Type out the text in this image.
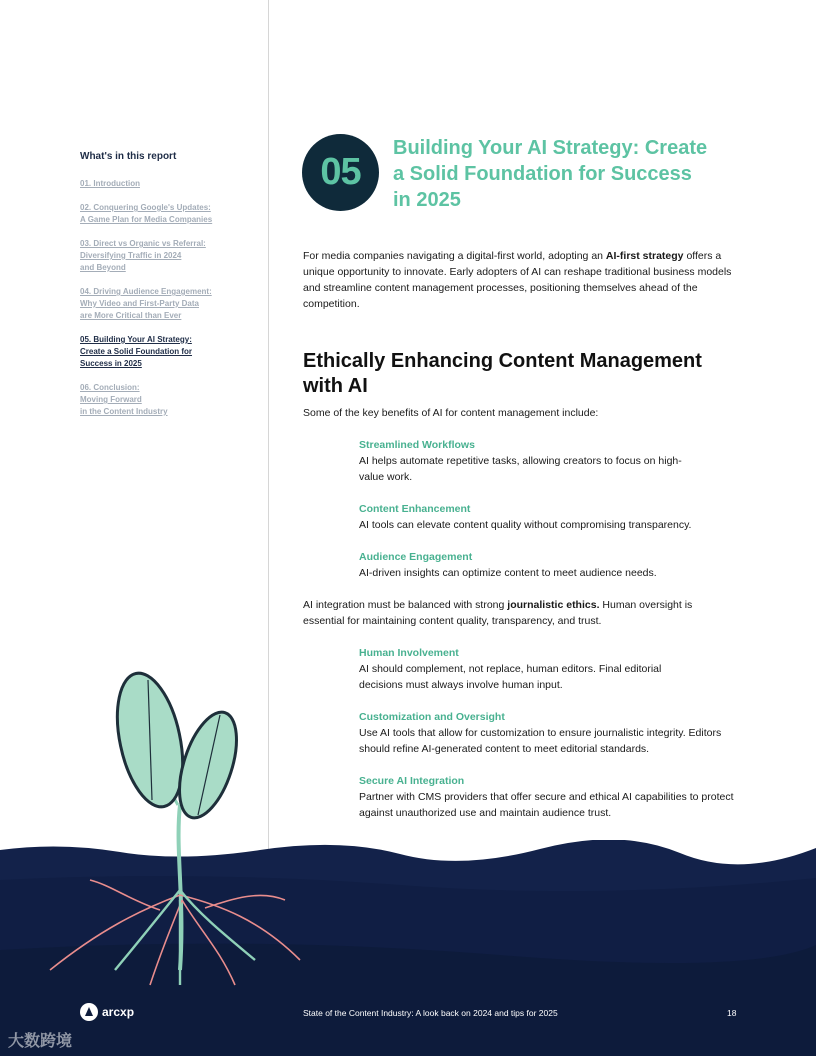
What's in this report
01. Introduction
02. Conquering Google's Updates:
A Game Plan for Media Companies
03. Direct vs Organic vs Referral:
Diversifying Traffic in 2024
and Beyond
04. Driving Audience Engagement:
Why Video and First-Party Data
are More Critical than Ever
05. Building Your AI Strategy:
Create a Solid Foundation for
Success in 2025
06. Conclusion:
Moving Forward
in the Content Industry
05
Building Your AI Strategy: Create a Solid Foundation for Success in 2025

For media companies navigating a digital-first world, adopting an AI-first strategy offers a unique opportunity to innovate. Early adopters of AI can reshape traditional business models and streamline content management processes, positioning themselves ahead of the competition.

Ethically Enhancing Content Management with AI

Some of the key benefits of AI for content management include:

Streamlined Workflows
AI helps automate repetitive tasks, allowing creators to focus on high-value work.
Content Enhancement
AI tools can elevate content quality without compromising transparency.
Audience Engagement
AI-driven insights can optimize content to meet audience needs.

AI integration must be balanced with strong journalistic ethics. Human oversight is essential for maintaining content quality, transparency, and trust.

Human Involvement
AI should complement, not replace, human editors. Final editorial decisions must always involve human input.
Customization and Oversight
Use AI tools that allow for customization to ensure journalistic integrity. Editors should refine AI-generated content to meet editorial standards.
Secure AI Integration
Partner with CMS providers that offer secure and ethical AI capabilities to protect against unauthorized use and maintain audience trust.
arcxp	State of the Content Industry: A look back on 2024 and tips for 2025	18
大数跨境
